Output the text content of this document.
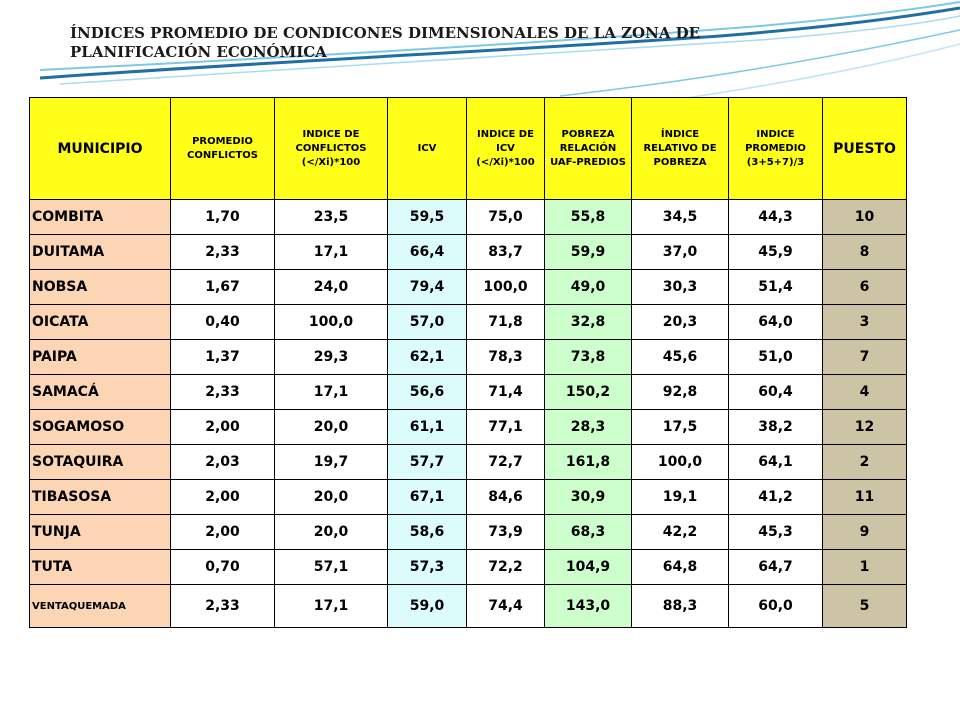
ÍNDICES PROMEDIO DE CONDICONES DIMENSIONALES DE LA ZONA DE PLANIFICACIÓN ECONÓMICA
MUNICIPIO	PROMEDIO CONFLICTOS	INDICE DE CONFLICTOS (</Xi)*100	ICV	INDICE DE ICV (</Xi)*100	POBREZA RELACIÓN UAF-PREDIOS	ÍNDICE RELATIVO DE POBREZA	INDICE PROMEDIO (3+5+7)/3	PUESTO
COMBITA	1,70	23,5	59,5	75,0	55,8	34,5	44,3	10
DUITAMA	2,33	17,1	66,4	83,7	59,9	37,0	45,9	8
NOBSA	1,67	24,0	79,4	100,0	49,0	30,3	51,4	6
OICATA	0,40	100,0	57,0	71,8	32,8	20,3	64,0	3
PAIPA	1,37	29,3	62,1	78,3	73,8	45,6	51,0	7
SAMACÁ	2,33	17,1	56,6	71,4	150,2	92,8	60,4	4
SOGAMOSO	2,00	20,0	61,1	77,1	28,3	17,5	38,2	12
SOTAQUIRA	2,03	19,7	57,7	72,7	161,8	100,0	64,1	2
TIBASOSA	2,00	20,0	67,1	84,6	30,9	19,1	41,2	11
TUNJA	2,00	20,0	58,6	73,9	68,3	42,2	45,3	9
TUTA	0,70	57,1	57,3	72,2	104,9	64,8	64,7	1
VENTAQUEMADA	2,33	17,1	59,0	74,4	143,0	88,3	60,0	5
